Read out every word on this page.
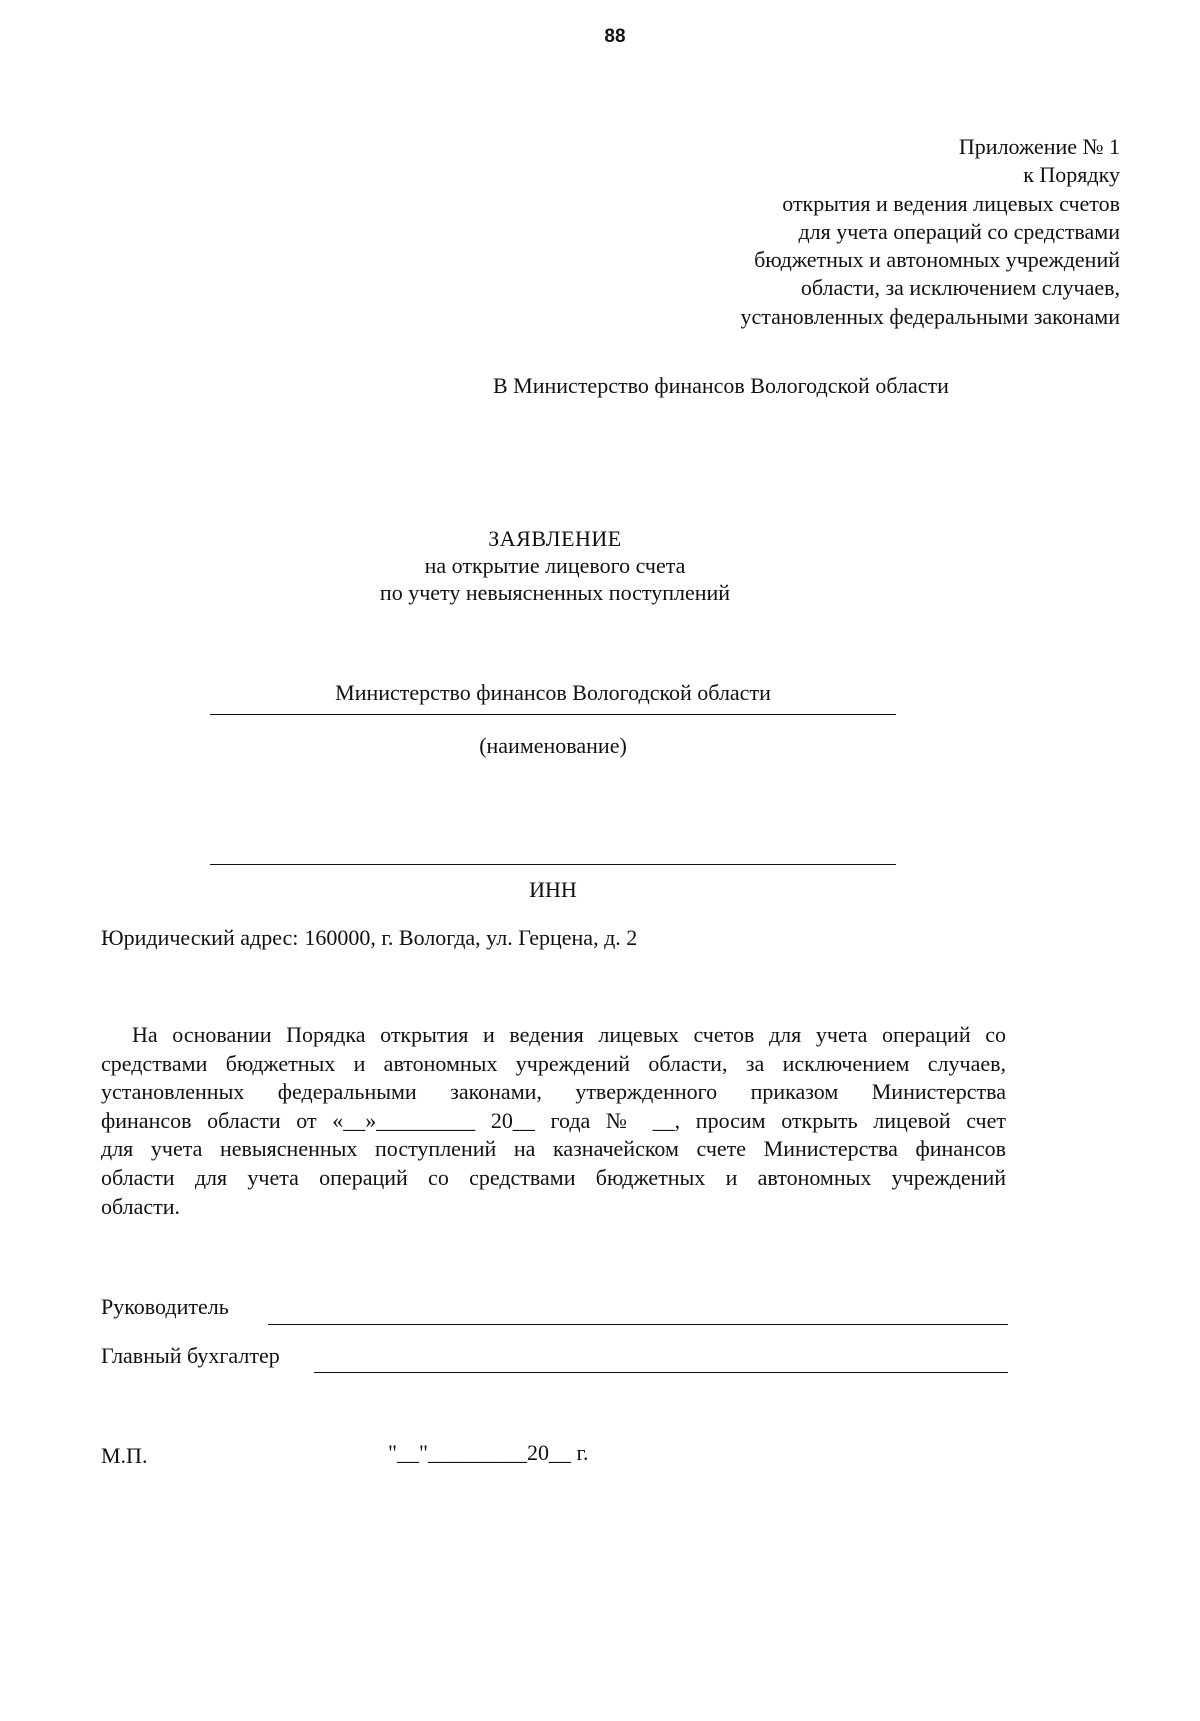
88
Приложение № 1
к Порядку
открытия и ведения лицевых счетов
для учета операций со средствами
бюджетных и автономных учреждений
области, за исключением случаев,
установленных федеральными законами
В Министерство финансов Вологодской области
ЗАЯВЛЕНИЕ
на открытие лицевого счета
по учету невыясненных поступлений
Министерство финансов Вологодской области
(наименование)
ИНН
Юридический адрес: 160000, г. Вологда, ул. Герцена, д. 2
На основании Порядка открытия и ведения лицевых счетов для учета операций со
средствами бюджетных и автономных учреждений области, за исключением случаев,
установленных федеральными законами, утвержденного приказом Министерства
финансов области от «__»_________ 20__ года № __, просим открыть лицевой счет
для учета невыясненных поступлений на казначейском счете Министерства финансов
области для учета операций со средствами бюджетных и автономных учреждений
области.
Руководитель
Главный бухгалтер
М.П.	"__"_________20__ г.
